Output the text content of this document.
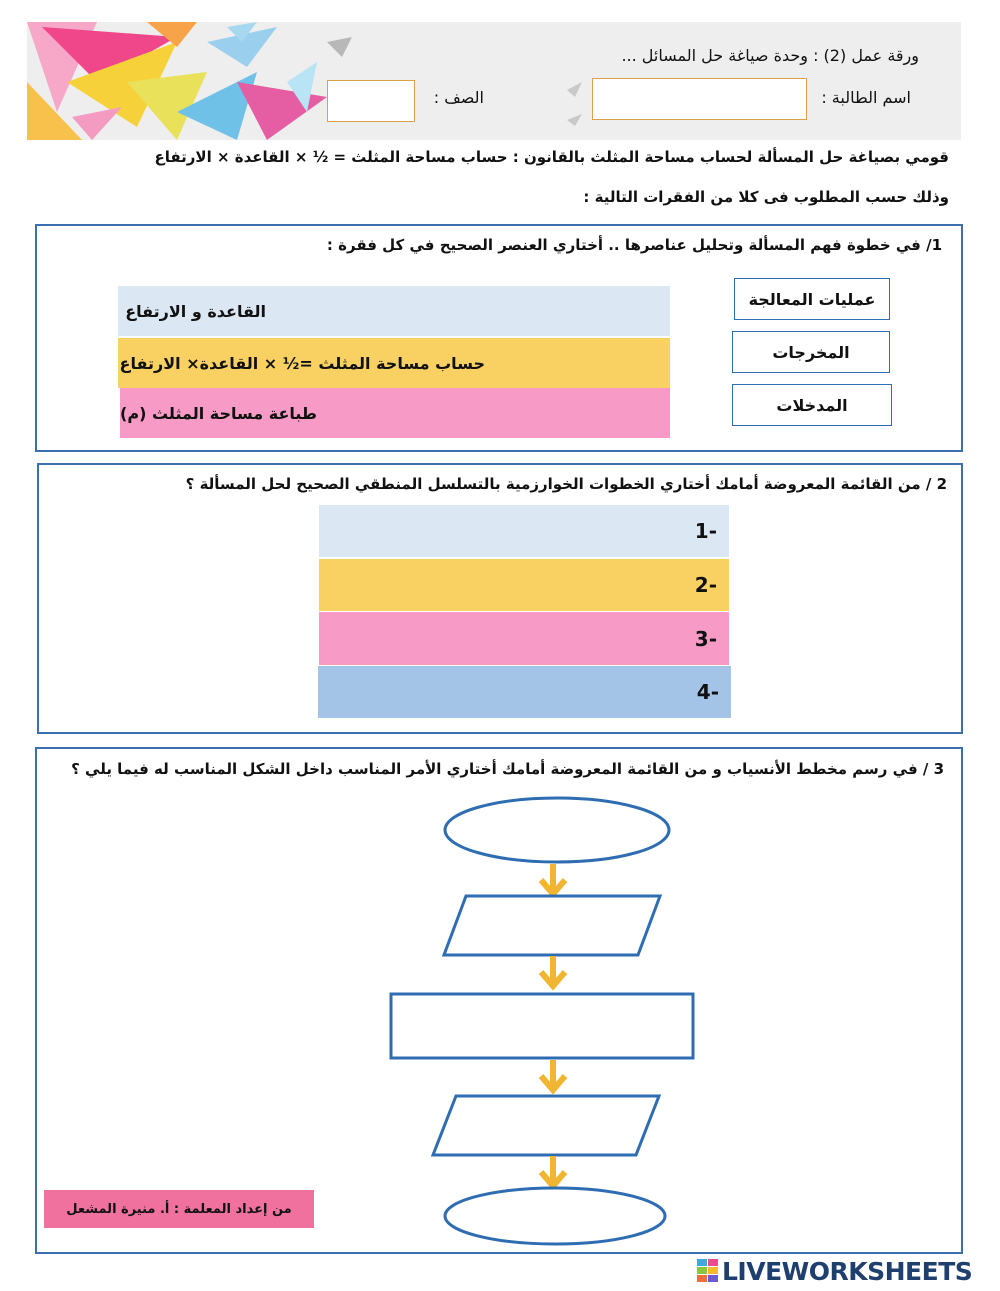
ورقة عمل (2) : وحدة صياغة حل المسائل ...
اسم الطالبة :
الصف :
قومي بصياغة حل المسألة لحساب مساحة المثلث بالقانون : حساب مساحة المثلث = ½ × القاعدة × الارتفاع
وذلك حسب المطلوب فى كلا من الفقرات التالية :
1/ في خطوة فهم المسألة وتحليل عناصرها .. أختاري العنصر الصحيح في كل فقرة :
عمليات المعالجة
المخرجات
المدخلات
القاعدة و الارتفاع
حساب مساحة المثلث =½ × القاعدة× الارتفاع
طباعة مساحة المثلث (م)
2 / من القائمة المعروضة أمامك أختاري الخطوات الخوارزمية بالتسلسل المنطقي الصحيح لحل المسألة ؟
-1
-2
-3
-4
3 / في رسم مخطط الأنسياب و من القائمة المعروضة أمامك أختاري الأمر المناسب داخل الشكل المناسب له فيما يلي ؟
من إعداد المعلمة : أ. منيرة المشعل
LIVEWORKSHEETS
